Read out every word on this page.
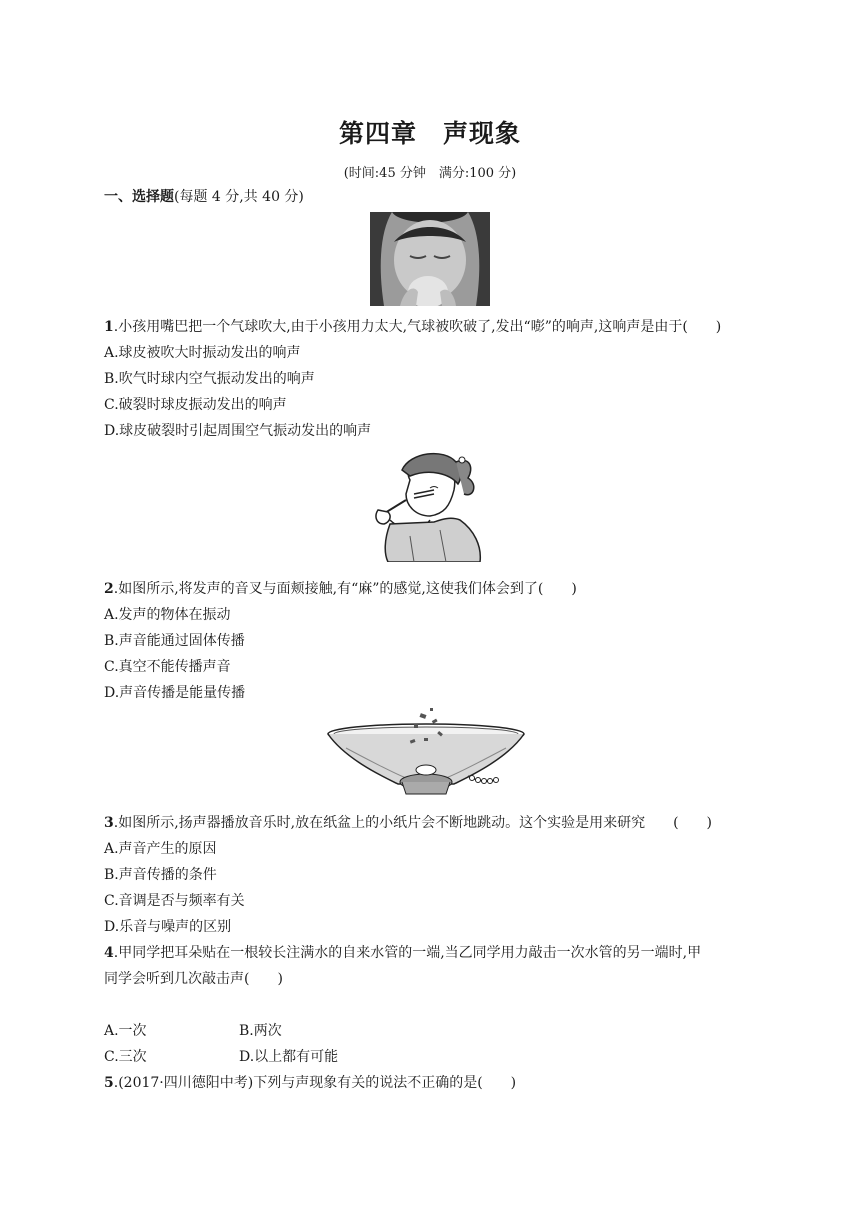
第四章　声现象
(时间:45 分钟　满分:100 分)
一、选择题(每题 4 分,共 40 分)
1.小孩用嘴巴把一个气球吹大,由于小孩用力太大,气球被吹破了,发出“嘭”的响声,这响声是由于(　　)
A.球皮被吹大时振动发出的响声
B.吹气时球内空气振动发出的响声
C.破裂时球皮振动发出的响声
D.球皮破裂时引起周围空气振动发出的响声
2.如图所示,将发声的音叉与面颊接触,有“麻”的感觉,这使我们体会到了(　　)
A.发声的物体在振动
B.声音能通过固体传播
C.真空不能传播声音
D.声音传播是能量传播
3.如图所示,扬声器播放音乐时,放在纸盆上的小纸片会不断地跳动。这个实验是用来研究　　(　　)
A.声音产生的原因
B.声音传播的条件
C.音调是否与频率有关
D.乐音与噪声的区别
4.甲同学把耳朵贴在一根较长注满水的自来水管的一端,当乙同学用力敲击一次水管的另一端时,甲
同学会听到几次敲击声(　　)
A.一次	B.两次
C.三次	D.以上都有可能
5.(2017·四川德阳中考)下列与声现象有关的说法不正确的是(　　)
